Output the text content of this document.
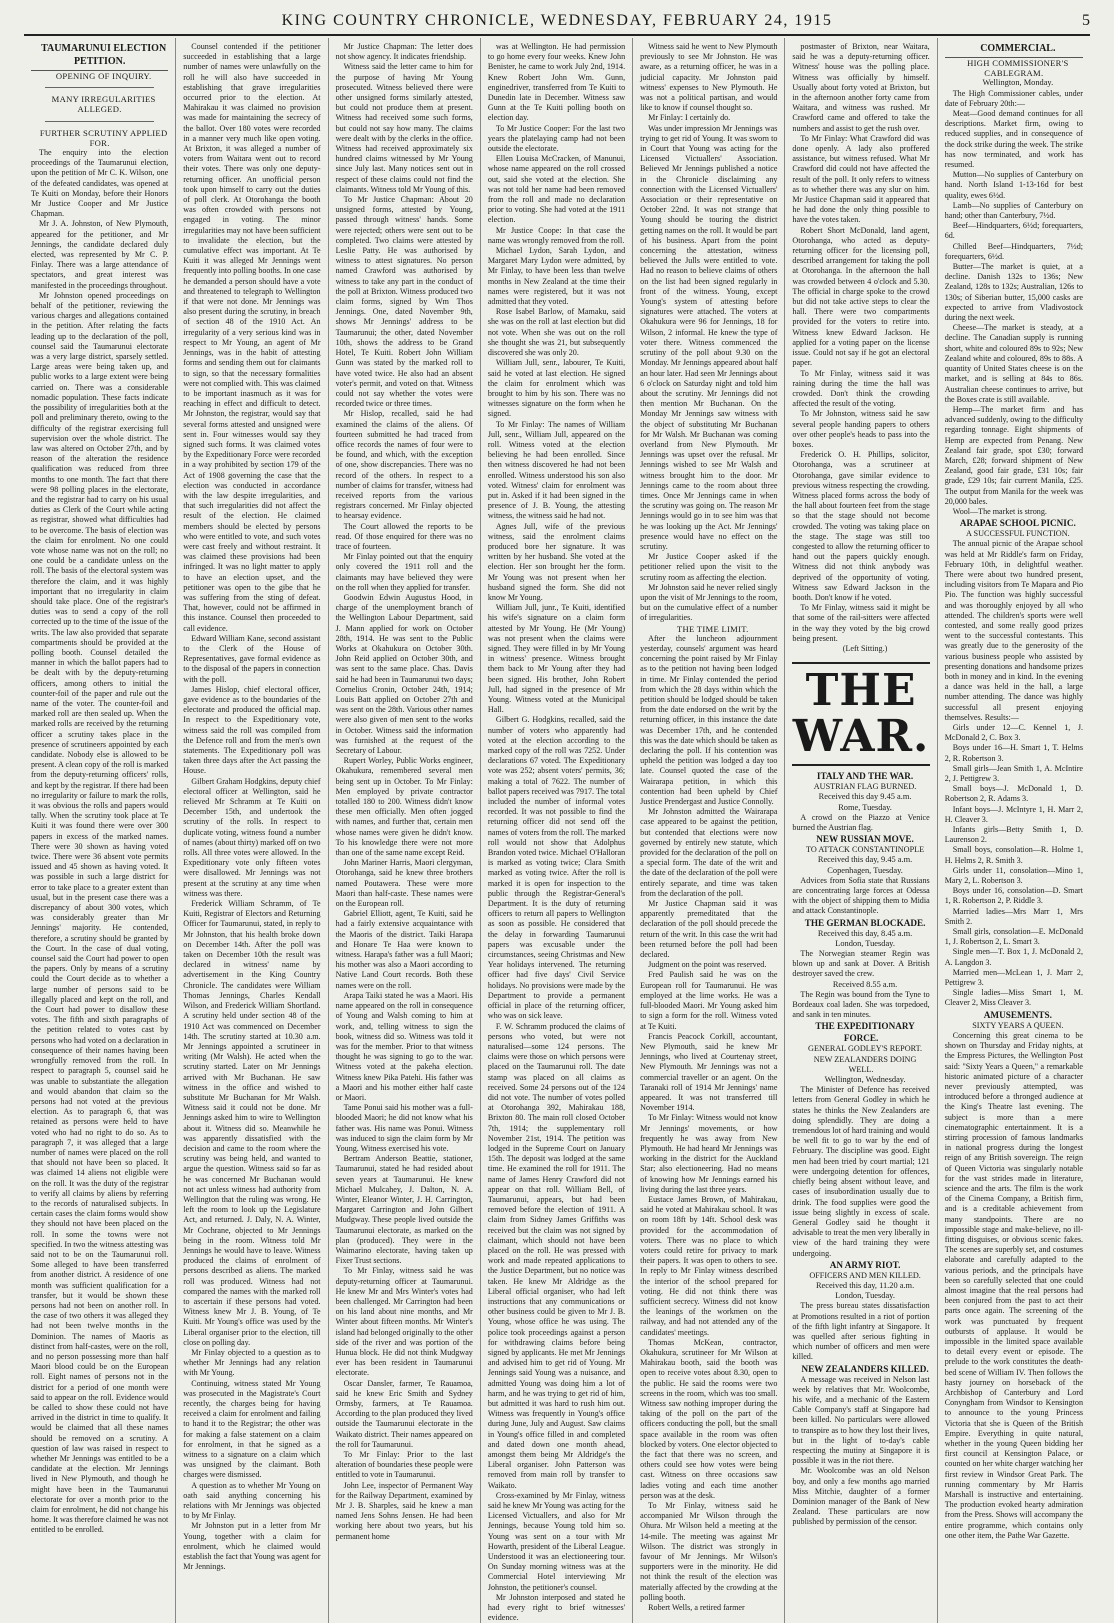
KING COUNTRY CHRONICLE, WEDNESDAY, FEBRUARY 24, 1915	5

TAUMARUNUI ELECTION PETITION.

OPENING OF INQUIRY.

MANY IRREGULARITIES ALLEGED.

FURTHER SCRUTINY APPLIED FOR.

The enquiry into the election proceedings of the Taumarunui election, upon the petition of Mr C. K. Wilson, one of the defeated candidates, was opened at Te Kuiti on Monday, before their Honors Mr Justice Cooper and Mr Justice Chapman.

Mr J. A. Johnston, of New Plymouth, appeared for the petitioner, and Mr Jennings, the candidate declared duly elected, was represented by Mr C. P. Finlay. There was a large attendance of spectators, and great interest was manifested in the proceedings throughout.

Mr Johnston opened proceedings on behalf of the petitioner, reviewing the various charges and allegations contained in the petition. After relating the facts leading up to the declaration of the poll, counsel said the Taumarunui electorate was a very large district, sparsely settled. Large areas were being taken up, and public works to a large extent were being carried on. There was a considerable nomadic population. These facts indicate the possibility of irregularities both at the poll and preliminary thereto, owing to the difficulty of the registrar exercising full supervision over the whole district. The law was altered on October 27th, and by reason of the alteration the residence qualification was reduced from three months to one month. The fact that there were 98 polling places in the electorate, and the registrar had to carry on his usual duties as Clerk of the Court while acting as registrar, showed what difficulties had to be overcome. The basis of election was the claim for enrolment. No one could vote whose name was not on the roll; no one could be a candidate unless on the roll. The basis of the electoral system was therefore the claim, and it was highly important that no irregularity in claim should take place. One of the registrar's duties was to send a copy of the roll corrected up to the time of the issue of the writs. The law also provided that separate compartments should be provided at the polling booth. Counsel detailed the manner in which the ballot papers had to be dealt with by the deputy-returning officers, among others to initial the counter-foil of the paper and rule out the name of the voter. The counter-foil and marked roll are then sealed up. When the marked rolls are received by the returning officer a scrutiny takes place in the presence of scrutineers appointed by each candidate. Nobody else is allowed to be present. A clean copy of the roll is marked from the deputy-returning officers' rolls, and kept by the registrar. If there had been no irregularity or failure to mark the rolls, it was obvious the rolls and papers would tally. When the scrutiny took place at Te Kuiti it was found there were over 300 papers in excess of the marked names. There were 30 shown as having voted twice. There were 36 absent vote permits issued and 45 shown as having voted. It was possible in such a large district for error to take place to a greater extent than usual, but in the present case there was a discrepancy of about 300 votes, which was considerably greater than Mr Jennings' majority. He contended, therefore, a scrutiny should be granted by the Court. In the case of dual voting, counsel said the Court had power to open the papers. Only by means of a scrutiny could the Court decide as to whether a large number of persons said to be illegally placed and kept on the roll, and the Court had power to disallow these votes. The fifth and sixth paragraphs of the petition related to votes cast by persons who had voted on a declaration in consequence of their names having been wrongfully removed from the roll. In respect to paragraph 5, counsel said he was unable to substantiate the allegation and would abandon that claim so the persons had not voted at the previous election. As to paragraph 6, that was retained as persons were held to have voted who had no right to do so. As to paragraph 7, it was alleged that a large number of names were placed on the roll that should not have been so placed. It was claimed 14 aliens not eligible were on the roll. It was the duty of the registrar to verify all claims by aliens by referring to the records of naturalised subjects. In certain cases the claim forms would show they should not have been placed on the roll. In some the towns were not specified. In two the witness attesting was said not to be on the Taumarunui roll. Some alleged to have been transferred from another district. A residence of one month was sufficient qualification for a transfer, but it would be shown these persons had not been on another roll. In the case of two others it was alleged they had not been twelve months in the Dominion. The names of Maoris as distinct from half-castes, were on the roll, and no person possessing more than half Maori blood could be on the European roll. Eight names of persons not in the district for a period of one month were said to appear on the roll. Evidence would be called to show these could not have arrived in the district in time to qualify. It would be claimed that all these names should be removed on a scrutiny. A question of law was raised in respect to whether Mr Jennings was entitled to be a candidate at the election. Mr Jennings lived in New Plymouth, and though he might have been in the Taumarunui electorate for over a month prior to the claim for enrolment, he did not change his home. It was therefore claimed he was not entitled to be enrolled.

Counsel contended if the petitioner succeeded in establishing that a large number of names were unlawfully on the roll he will also have succeeded in establishing that grave irregularities occurred prior to the election. At Mahirakau it was claimed no provision was made for maintaining the secrecy of the ballot. Over 180 votes were recorded in a manner very much like open voting. At Brixton, it was alleged a number of voters from Waitara went out to record their votes. There was only one deputy-returning officer. An unofficial person took upon himself to carry out the duties of poll clerk. At Otorohanga the booth was often crowded with persons not engaged in voting. The minor irregularities may not have been sufficient to invalidate the election, but the cumulative effect was important. At Te Kuiti it was alleged Mr Jennings went frequently into polling booths. In one case he demanded a person should have a vote and threatened to telegraph to Wellington if that were not done. Mr Jennings was also present during the scrutiny, in breach of section 48 of the 1910 Act. An irregularity of a very serious kind was in respect to Mr Young, an agent of Mr Jennings, was in the habit of attesting forms and sending them out for claimants to sign, so that the necessary formalities were not complied with. This was claimed to be important inasmuch as it was for reaching in effect and difficult to detect. Mr Johnston, the registrar, would say that several forms attested and unsigned were sent in. Four witnesses would say they signed such forms. It was claimed votes by the Expeditionary Force were recorded in a way prohibited by section 179 of the Act of 1908 governing the case that the election was conducted in accordance with the law despite irregularities, and that such irregularities did not affect the result of the election. He claimed members should be elected by persons who were entitled to vote, and such votes were cast freely and without restraint. It was claimed these provisions had been infringed. It was no light matter to apply to have an election upset, and the petitioner was open to the gibe that he was suffering from the sting of defeat. That, however, could not be affirmed in this instance. Counsel then proceeded to call evidence.

Edward William Kane, second assistant to the Clerk of the House of Representatives, gave formal evidence as to the disposal of the papers in connection with the poll.

James Hislop, chief electoral officer, gave evidence as to the boundaries of the electorate and produced the official map. In respect to the Expeditionary vote, witness said the roll was compiled from the Defence roll and from the men's own statements. The Expeditionary poll was taken three days after the Act passing the House.

Gilbert Graham Hodgkins, deputy chief electoral officer at Wellington, said he relieved Mr Schramm at Te Kuiti on December 15th, and undertook the scrutiny of the rolls. In respect to duplicate voting, witness found a number of names (about thirty) marked off on two rolls. All three votes were allowed. In the Expeditionary vote only fifteen votes were disallowed. Mr Jennings was not present at the scrutiny at any time when witness was there.

Frederick William Schramm, of Te Kuiti, Registrar of Electors and Returning Officer for Taumarunui, stated, in reply to Mr Johnston, that his health broke down on December 14th. After the poll was taken on December 10th the result was declared in witness' name by advertisement in the King Country Chronicle. The candidates were William Thomas Jennings, Charles Kendall Wilson, and Frederick William Shortland. A scrutiny held under section 48 of the 1910 Act was commenced on December 14th. The scrutiny started at 10.30 a.m. Mr Jennings appointed a scrutineer in writing (Mr Walsh). He acted when the scrutiny started. Later on Mr Jennings arrived with Mr Buchanan. He saw witness in the office and wished to substitute Mr Buchanan for Mr Walsh. Witness said it could not be done. Mr Jennings asked him to wire to Wellington about it. Witness did so. Meanwhile he was apparently dissatisfied with the decision and came to the room where the scrutiny was being held, and wanted to argue the question. Witness said so far as he was concerned Mr Buchanan would not act unless witness had authority from Wellington that the ruling was wrong. He left the room to look up the Legislature Act, and returned. J. Daly, N. A. Winter, Mr Cochrane, objected to Mr Jennings being in the room. Witness told Mr Jennings he would have to leave. Witness produced the claims of enrolment of persons described as aliens. The marked roll was produced. Witness had not compared the names with the marked roll to ascertain if these persons had voted. Witness knew Mr J. B. Young, of Te Kuiti. Mr Young's office was used by the Liberal organiser prior to the election, till close on polling day.

Mr Finlay objected to a question as to whether Mr Jennings had any relation with Mr Young.

Continuing, witness stated Mr Young was prosecuted in the Magistrate's Court recently, the charges being for having received a claim for enrolment and failing to hand it to the Registrar; the other was for making a false statement on a claim for enrolment, in that he signed as a witness to a signature on a claim which was unsigned by the claimant. Both charges were dismissed.

A question as to whether Mr Young on oath said anything concerning his relations with Mr Jennings was objected to by Mr Finlay.

Mr Johnston put in a letter from Mr Young, together with a claim for enrolment, which he claimed would establish the fact that Young was agent for Mr Jennings.

Mr Justice Chapman: The letter does not show agency. It indicates friendship.

Witness said the letter came to him for the purpose of having Mr Young prosecuted. Witness believed there were other unsigned forms similarly attested, but could not produce them at present. Witness had received some such forms, but could not say how many. The claims were dealt with by the clerks in the office. Witness had received approximately six hundred claims witnessed by Mr Young since July last. Many notices sent out in respect of these claims could not find the claimants. Witness told Mr Young of this.

To Mr Justice Chapman: About 20 unsigned forms, attested by Young, passed through witness' hands. Some were rejected; others were sent out to be completed. Two claims were attested by Leslie Patty. He was authorised by witness to attest signatures. No person named Crawford was authorised by witness to take any part in the conduct of the poll at Brixton. Witness produced two claim forms, signed by Wm Thos Jennings. One, dated November 9th, shows Mr Jennings' address to be Taumarunui; the other, dated November 10th, shows the address to be Grand Hotel, Te Kuiti. Robert John William Gunn was stated by the marked roll to have voted twice. He also had an absent voter's permit, and voted on that. Witness could not say whether the votes were recorded twice or three times.

Mr Hislop, recalled, said he had examined the claims of the aliens. Of fourteen submitted he had traced from office records the names of four were to be found, and which, with the exception of one, show discrepancies. There was no record of the others. In respect to a number of claims for transfer, witness had received reports from the various registrars concerned. Mr Finlay objected to hearsay evidence.

The Court allowed the reports to be read. Of those enquired for there was no trace of fourteen.

Mr Finlay pointed out that the enquiry only covered the 1911 roll and the claimants may have believed they were on the roll when they applied for transfer.

Goodwin Edwin Augustus Hood, in charge of the unemployment branch of the Wellington Labour Department, said J. Mann applied for work on October 28th, 1914. He was sent to the Public Works at Okahukura on October 30th. John Reid applied on October 30th, and was sent to the same place. Chas. Davis said he had been in Taumarunui two days; Cornelius Cronin, October 24th, 1914; Louis Batt applied on October 27th and was sent on the 28th. Various other names were also given of men sent to the works in October. Witness said the information was furnished at the request of the Secretary of Labour.

Rupert Worley, Public Works engineer, Okahukura, remembered several men being sent up in October. To Mr Finlay: Men employed by private contractor totalled 180 to 200. Witness didn't know these men officially. Men often jogged with names, and further that, certain men whose names were given he didn't know. To his knowledge there were not more than one of the same name except Reid.

John Mariner Harris, Maori clergyman, Otorohanga, said he knew three brothers named Poutawera. These were more Maori than half-caste. These names were on the European roll.

Gabriel Elliott, agent, Te Kuiti, said he had a fairly extensive acquaintance with the Maoris of the district. Taiki Harapa and Honare Te Haa were known to witness. Harapa's father was a full Maori; his mother was also a Maori according to Native Land Court records. Both these names were on the roll.

Arapa Taiki stated he was a Maori. His name appeared on the roll in consequence of Young and Walsh coming to him at work, and, telling witness to sign the book, witness did so. Witness was told it was for the member. Prior to that witness thought he was signing to go to the war. Witness voted at the pakeha election. Witness knew Pika Patehi. His father was a Maori and his mother either half caste or Maori.

Tame Ponui said his mother was a full-blooded Maori; he did not know what his father was. His name was Ponui. Witness was induced to sign the claim form by Mr Young. Witness exercised his vote.

Bertram Anderson Beattie, stationer, Taumarunui, stated he had resided about seven years at Taumarunui. He knew Michael Mulcahey, J. Dalton, N. A. Winter, Eleanor Winter, J. H. Carrington, Margaret Carrington and John Gilbert Mudgway. These people lived outside the Taumarunui electorate, as marked on the plan (produced). They were in the Waimarino electorate, having taken up Fixer Trust sections.

To Mr Finlay, witness said he was deputy-returning officer at Taumarunui. He knew Mr and Mrs Winter's votes had been challenged. Mr Carrington had been on his land about nine months, and Mr Winter about fifteen months. Mr Winter's island had belonged originally to the other side of the river and was portion of the Hunua block. He did not think Mudgway ever has been resident in Taumarunui electorate.

Oscar Dansler, farmer, Te Rauamoa, said he knew Eric Smith and Sydney Ormsby, farmers, at Te Rauamoa. According to the plan produced they lived outside the Taumarunui electorate in the Waikato district. Their names appeared on the roll for Taumarunui.

To Mr Finlay: Prior to the last alteration of boundaries these people were entitled to vote in Taumarunui.

John Lee, inspector of Permanent Way for the Railway Department, examined by Mr J. B. Sharples, said he knew a man named Jens Sohns Jensen. He had been working here about two years, but his permanent home

was at Wellington. He had permission to go home every four weeks. Knew John Benister, he came to work July 2nd, 1914. Knew Robert John Wm. Gunn, enginedriver, transferred from Te Kuiti to Dunedin late in December. Witness saw Gunn at the Te Kuiti polling booth on election day.

To Mr Justice Cooper: For the last two years the platelaying camp had not been outside the electorate.

Ellen Louisa McCracken, of Manunui, whose name appeared on the roll crossed out, said she voted at the election. She was not told her name had been removed from the roll and made no declaration prior to voting. She had voted at the 1911 election.

Mr Justice Coope: In that case the name was wrongly removed from the roll.

Michael Lydon, Sarah Lydon, and Margaret Mary Lydon were admitted, by Mr Finlay, to have been less than twelve months in New Zealand at the time their names were registered, but it was not admitted that they voted.

Rose Isabel Barlow, of Mamaku, said she was on the roll at last election but did not vote. When she was out on the roll she thought she was 21, but subsequently discovered she was only 20.

William Jull, senr., labourer, Te Kuiti, said he voted at last election. He signed the claim for enrolment which was brought to him by his son. There was no witnesses signature on the form when he signed.

To Mr Finlay: The names of William Jull, senr., William Jull, appeared on the roll. Witness voted at the election believing he had been enrolled. Since then witness discovered he had not been enrolled. Witness understood his son also voted. Witness' claim for enrolment was put in. Asked if it had been signed in the presence of J. B. Young, the attesting witness, the witness said he had not.

Agnes Jull, wife of the previous witness, said the enrolment claims produced bore her signature. It was written by her husband. She voted at the election. Her son brought her the form. Mr Young was not present when her husband signed the form. She did not know Mr Young.

William Jull, junr., Te Kuiti, identified his wife's signature on a claim form attested by Mr Young. He (Mr Young) was not present when the claims were signed. They were filled in by Mr Young in witness' presence. Witness brought them back to Mr Young after they had been signed. His brother, John Robert Jull, had signed in the presence of Mr Young. Witness voted at the Municipal Hall.

Gilbert G. Hodgkins, recalled, said the number of voters who apparently had voted at the election according to the marked copy of the roll was 7252. Under declarations 67 voted. The Expeditionary vote was 252; absent voters' permits, 36; making a total of 7622. The number of ballot papers received was 7917. The total included the number of informal votes recorded. It was not possible to find the returning officer did not send off the names of voters from the roll. The marked roll would not show that Adolphus Brandon voted twice. Michael O'Halloran is marked as voting twice; Clara Smith marked as voting twice. After the roll is marked it is open for inspection to the public through the Registrar-General's Department. It is the duty of returning officers to return all papers to Wellington as soon as possible. He considered that the delay in forwarding Taumarunui papers was excusable under the circumstances, seeing Christmas and New Year holidays intervened. The returning officer had five days' Civil Service holidays. No provisions were made by the Department to provide a permanent official in place of the returning officer, who was on sick leave.

F. W. Schramm produced the claims of persons who voted, but were not naturalised—some 124 persons. The claims were those on which persons were placed on the Taumarunui roll. The date stamp was placed on all claims as received. Some 24 persons out of the 124 did not vote. The number of votes polled at Otorohanga 392, Mahirakau 188, Brixton 80. The main roll closed October 7th, 1914; the supplementary roll November 21st, 1914. The petition was lodged in the Supreme Court on January 15th. The deposit was lodged at the same time. He examined the roll for 1911. The name of James Henry Crawford did not appear on that roll. William Bell, of Taumarunui, appears, but had been removed before the election of 1911. A claim from Sidney James Griffiths was received but the claim was not signed by claimant, which should not have been placed on the roll. He was pressed with work and made repeated applications to the Justice Department, but no notice was taken. He knew Mr Aldridge as the Liberal official organiser, who had left instructions that any communications or other business could be given to Mr J. B. Young, whose office he was using. The police took proceedings against a person for withdrawing claims before being signed by applicants. He met Mr Jennings and advised him to get rid of Young. Mr Jennings said Young was a nuisance, and admitted Young was doing him a lot of harm, and he was trying to get rid of him, but admitted it was hard to rush him out. Witness was frequently in Young's office during June, July and August. Saw claims in Young's office filled in and completed and dated down one month ahead, amongst them being Mr Aldridge's the Liberal organiser. John Patterson was removed from main roll by transfer to Waikato.

Cross-examined by Mr Finlay, witness said he knew Mr Young was acting for the Licensed Victuallers, and also for Mr Jennings, because Young told him so. Young was sent on a tour with Mr Howarth, president of the Liberal League. Understood it was an electioneering tour. On Sunday morning witness was at the Commercial Hotel interviewing Mr Johnston, the petitioner's counsel.

Mr Johnston interposed and stated he had every right to brief witnesses' evidence.

Witness said he went to New Plymouth previously to see Mr Johnston. He was aware, as a returning officer, he was in a judicial capacity. Mr Johnston paid witness' expenses to New Plymouth. He was not a political partisan, and would like to know if counsel thought so.

Mr Finlay: I certainly do.

Was under impression Mr Jennings was trying to get rid of Young. It was sworn to in Court that Young was acting for the Licensed Victuallers' Association. Believed Mr Jennings published a notice in the Chronicle disclaiming any connection with the Licensed Victuallers' Association or their representative on October 22nd. It was not strange that Young should be touring the district getting names on the roll. It would be part of his business. Apart from the point concerning the attestation, witness believed the Julls were entitled to vote. Had no reason to believe claims of others on the list had been signed regularly in front of the witness. Young, except Young's system of attesting before signatures were attached. The voters at Okahukura were 96 for Jennings, 18 for Wilson, 2 informal. He knew the type of voter there. Witness commenced the scrutiny of the poll about 9.30 on the Monday. Mr Jennings appeared about half an hour later. Had seen Mr Jennings about 6 o'clock on Saturday night and told him about the scrutiny. Mr Jennings did not then mention Mr Buchanan. On the Monday Mr Jennings saw witness with the object of substituting Mr Buchanan for Mr Walsh. Mr Buchanan was coming overland from New Plymouth. Mr Jennings was upset over the refusal. Mr Jennings wished to see Mr Walsh and witness brought him to the door. Mr Jennings came to the room about three times. Once Mr Jennings came in when the scrutiny was going on. The reason Mr Jennings would go in to see him was that he was looking up the Act. Mr Jennings' presence would have no effect on the scrutiny.

Mr Justice Cooper asked if the petitioner relied upon the visit to the scrutiny room as affecting the election.

Mr Johnston said he never relied singly upon the visit of Mr Jennings to the room, but on the cumulative effect of a number of irregularities.

THE TIME LIMIT.

After the luncheon adjournment yesterday, counsels' argument was heard concerning the point raised by Mr Finlay as to the petition not having been lodged in time. Mr Finlay contended the period from which the 28 days within which the petition should be lodged should be taken from the date endorsed on the writ by the returning officer, in this instance the date was December 17th, and he contended this was the date which should be taken as declaring the poll. If his contention was upheld the petition was lodged a day too late. Counsel quoted the case of the Wairarapa petition, in which this contention had been upheld by Chief Justice Prendergast and Justice Connolly.

Mr Johnston admitted the Wairarapa case appeared to be against the petition, but contended that elections were now governed by entirely new statute, which provided for the declaration of the poll on a special form. The date of the writ and the date of the declaration of the poll were entirely separate, and time was taken from the declaration of the poll.

Mr Justice Chapman said it was apparently premeditated that the declaration of the poll should precede the return of the writ. In this case the writ had been returned before the poll had been declared.

Judgment on the point was reserved.

Fred Paulish said he was on the European roll for Taumarunui. He was employed at the lime works. He was a full-blooded Maori. Mr Young asked him to sign a form for the roll. Witness voted at Te Kuiti.

Francis Peacock Corkill, accountant, New Plymouth, said he knew Mr Jennings, who lived at Courtenay street, New Plymouth. Mr Jennings was not a commercial traveller or an agent. On the Taranaki roll of 1914 Mr Jennings' name appeared. It was not transferred till November 1914.

To Mr Finlay: Witness would not know Mr Jennings' movements, or how frequently he was away from New Plymouth. He had heard Mr Jennings was working in the district for the Auckland Star; also electioneering. Had no means of knowing how Mr Jennings earned his living during the last three years.

Eustace James Brown, of Mahirakau, said he voted at Mahirakau school. It was on room 18ft by 14ft. School desk was provided for the accommodation of voters. There was no place to which voters could retire for privacy to mark their papers. It was open to others to see. In reply to Mr Finlay witness described the interior of the school prepared for voting. He did not think there was sufficient secrecy. Witness did not know the leanings of the workmen on the railway, and had not attended any of the candidates' meetings.

Thomas McKean, contractor, Okahukura, scrutineer for Mr Wilson at Mahirakau booth, said the booth was open to receive votes about 8.30, open to the public. He said the rooms were two screens in the room, which was too small. Witness saw nothing improper during the taking of the poll on the part of the officers conducting the poll, but the small space available in the room was often blocked by voters. One elector objected to the fact that there was no screen, and others could see how votes were being cast. Witness on three occasions saw ladies voting and each time another person was at the desk.

To Mr Finlay, witness said he accompanied Mr Wilson through the Ohura. Mr Wilson held a meeting at the 14-mile. The meeting was against Mr Wilson. The district was strongly in favour of Mr Jennings. Mr Wilson's supporters were in the minority. He did not think the result of the election was materially affected by the crowding at the polling booth.

Robert Wells, a retired farmer

postmaster of Brixton, near Waitara, said he was a deputy-returning officer. Witness' house was the polling place. Witness was officially by himself. Usually about forty voted at Brixton, but in the afternoon another forty came from Waitara, and witness was rushed. Mr Crawford came and offered to take the numbers and assist to get the rush over.

To Mr Finlay: What Crawford did was done openly. A lady also proffered assistance, but witness refused. What Mr Crawford did could not have affected the result of the poll. It only refers to witness as to whether there was any slur on him. Mr Justice Chapman said it appeared that he had done the only thing possible to have the votes taken.

Robert Short McDonald, land agent, Otorohanga, who acted as deputy-returning officer for the licensing poll, described arrangement for taking the poll at Otorohanga. In the afternoon the hall was crowded between 4 o'clock and 5.30. The official in charge spoke to the crowd but did not take active steps to clear the hall. There were two compartments provided for the voters to retire into. Witness knew Edward Jackson. He applied for a voting paper on the license issue. Could not say if he got an electoral paper.

To Mr Finlay, witness said it was raining during the time the hall was crowded. Don't think the crowding affected the result of the voting.

To Mr Johnston, witness said he saw several people handing papers to others over other people's heads to pass into the boxes.

Frederick O. H. Phillips, solicitor, Otorohanga, was a scrutineer at Otorohanga, gave similar evidence to previous witness respecting the crowding. Witness placed forms across the body of the hall about fourteen feet from the stage so that the stage should not become crowded. The voting was taking place on the stage. The stage was still too congested to allow the returning officer to hand out the papers quickly enough. Witness did not think anybody was deprived of the opportunity of voting. Witness saw Edward Jackson in the booth. Don't know if he voted.

To Mr Finlay, witness said it might be that some of the rail-sitters were affected in the way they voted by the big crowd being present.

(Left Sitting.)

THE WAR.

ITALY AND THE WAR.

AUSTRIAN FLAG BURNED.

Received this day 9.45 a.m.

Rome, Tuesday.

A crowd on the Piazzo at Venice burned the Austrian flag.

NEW RUSSIAN MOVE.

TO ATTACK CONSTANTINOPLE

Received this day, 9.45 a.m.

Copenhagen, Tuesday.

Advices from Sofia state that Russians are concentrating large forces at Odessa with the object of shipping them to Midia and attack Constantinople.

THE GERMAN BLOCKADE.

Received this day, 8.45 a.m.

London, Tuesday.

The Norwegian steamer Regin was blown up and sank at Dover. A British destroyer saved the crew.

Received 8.55 a.m.

The Regin was bound from the Tyne to Bordeaux coal laden. She was torpedoed, and sank in ten minutes.

THE EXPEDITIONARY FORCE.

GENERAL GODLEY'S REPORT.

NEW ZEALANDERS DOING WELL.

Wellington, Wednesday.

The Minister of Defence has received letters from General Godley in which he states he thinks the New Zealanders are doing splendidly. They are doing a tremendous lot of hard training and would be well fit to go to war by the end of February. The discipline was good. Eight men had been tried by court martial; 121 were undergoing detention for offences, chiefly being absent without leave, and cases of insubordination usually due to drink. The food supplies were good the issue being slightly in excess of scale. General Godley said he thought it advisable to treat the men very liberally in view of the hard training they were undergoing.

AN ARMY RIOT.

OFFICERS AND MEN KILLED.

Received this day, 11.20 a.m.

London, Tuesday.

The press bureau states dissatisfaction at Promotions resulted in a riot of portion of the fifth light infantry at Singapore. It was quelled after serious fighting in which number of officers and men were killed.

NEW ZEALANDERS KILLED.

A message was received in Nelson last week by relatives that Mr. Woolcombe, his wife, and a mechanic of the Eastern Cable Company's staff at Singapore had been killed. No particulars were allowed to transpire as to how they lost their lives, but in the light of to-day's cable respecting the mutiny at Singapore it is possible it was in the riot there.

Mr. Woolcombe was an old Nelson boy, and only a few months ago married Miss Mitchie, daughter of a former Dominion manager of the Bank of New Zealand. These particulars are now published by permission of the censor.

COMMERCIAL.

HIGH COMMISSIONER'S CABLEGRAM.

Wellington, Monday.

The High Commissioner cables, under date of February 20th:—

Meat—Good demand continues for all descriptions. Market firm, owing to reduced supplies, and in consequence of the dock strike during the week. The strike has now terminated, and work has resumed.

Mutton—No supplies of Canterbury on hand. North Island 1-13-16d for best quality, ewes 6½d.

Lamb—No supplies of Canterbury on hand; other than Canterbury, 7½d.

Beef—Hindquarters, 6½d; forequarters, 6d.

Chilled Beef—Hindquarters, 7½d; forequarters, 6½d.

Butter—The market is quiet, at a decline. Danish 132s to 136s; New Zealand, 128s to 132s; Australian, 126s to 130s; of Siberian butter, 15,000 casks are expected to arrive from Vladivostock during the next week.

Cheese—The market is steady, at a decline. The Canadian supply is running short, white and coloured 89s to 92s; New Zealand white and coloured, 89s to 88s. A quantity of United States cheese is on the market, and is selling at 84s to 86s. Australian cheese continues to arrive, but the Boxes crate is still available.

Hemp—The market firm and has advanced suddenly, owing to the difficulty regarding tonnage. Eight shipments of Hemp are expected from Penang. New Zealand fair grade, spot £30; forward March, £28; forward shipment of New Zealand, good fair grade, £31 10s; fair grade, £29 10s; fair current Manila, £25. The output from Manila for the week was 20,000 bales.

Wool—The market is strong.

ARAPAE SCHOOL PICNIC.

A SUCCESSFUL FUNCTION.

The annual picnic of the Arapae school was held at Mr Riddle's farm on Friday, February 10th, in delightful weather. There were about two hundred present, including visitors from Te Mapara and Pio Pio. The function was highly successful and was thoroughly enjoyed by all who attended. The children's sports were well contested, and some really good prizes went to the successful contestants. This was greatly due to the generosity of the various business people who assisted by presenting donations and handsome prizes both in money and in kind. In the evening a dance was held in the hall, a large number attending. The dance was highly successful all present enjoying themselves. Results:—

Girls under 12—C. Kennel 1, J. McDonald 2, C. Box 3.

Boys under 16—H. Smart 1, T. Helms 2, R. Robertson 3.

Small girls—Jean Smith 1, A. McIntire 2, J. Pettigrew 3.

Small boys—J. McDonald 1, D. Robertson 2, R. Adams 3.

Infant boys—J. McIntyre 1, H. Marr 2, H. Cleaver 3.

Infants girls—Betty Smith 1, D. Laurenson 2.

Small boys, consolation—R. Holme 1, H. Helms 2, R. Smith 3.

Girls under 11, consolation—Mino 1, Mary 2, L. Robertson 3.

Boys under 16, consolation—D. Smart 1, R. Robertson 2, P. Riddle 3.

Married ladies—Mrs Marr 1, Mrs Smith 2.

Small girls, consolation—E. McDonald 1, J. Robertson 2, L. Smart 3.

Single men—T. Box 1, J. McDonald 2, A. Langdon 3.

Married men—McLean 1, J. Marr 2, Pettigrew 3.

Single ladies—Miss Smart 1, M. Cleaver 2, Miss Cleaver 3.

AMUSEMENTS.

SIXTY YEARS A QUEEN.

Concerning this great cinema to be shown on Thursday and Friday nights, at the Empress Pictures, the Wellington Post said: "Sixty Years a Queen," a remarkable historic animated picture of a character never previously attempted, was introduced before a thronged audience at the King's Theatre last evening. The subject is more than a mere cinematographic entertainment. It is a stirring procession of famous landmarks in national progress during the longest reign of any British sovereign. The reign of Queen Victoria was singularly notable for the vast strides made in literature, science and the arts. The film is the work of the Cinema Company, a British firm, and is a creditable achievement from many standpoints. There are no impossible stage and make-believe, no ill-fitting disguises, or obvious scenic fakes. The scenes are superbly set, and costumes elaborate and carefully adapted to the various periods, and the principals have been so carefully selected that one could almost imagine that the real persons had been conjured from the past to act their parts once again. The screening of the work was punctuated by frequent outbursts of applause. It would be impossible in the limited space available to detail every event or episode. The prelude to the work constitutes the death-bed scene of William IV. Then follows the hasty journey on horseback of the Archbishop of Canterbury and Lord Conyngham from Windsor to Kensington to announce to the young Princess Victoria that she is Queen of the British Empire. Everything in quite natural, whether in the young Queen bidding her first council at Kensington Palace, or counted on her white charger watching her first review in Windsor Great Park. The running commentary by Mr Harris Marshall is instructive and entertaining. The production evoked hearty admiration from the Press. Shows will accompany the entire programme, which contains only one other item, the Pathe War Gazette.
